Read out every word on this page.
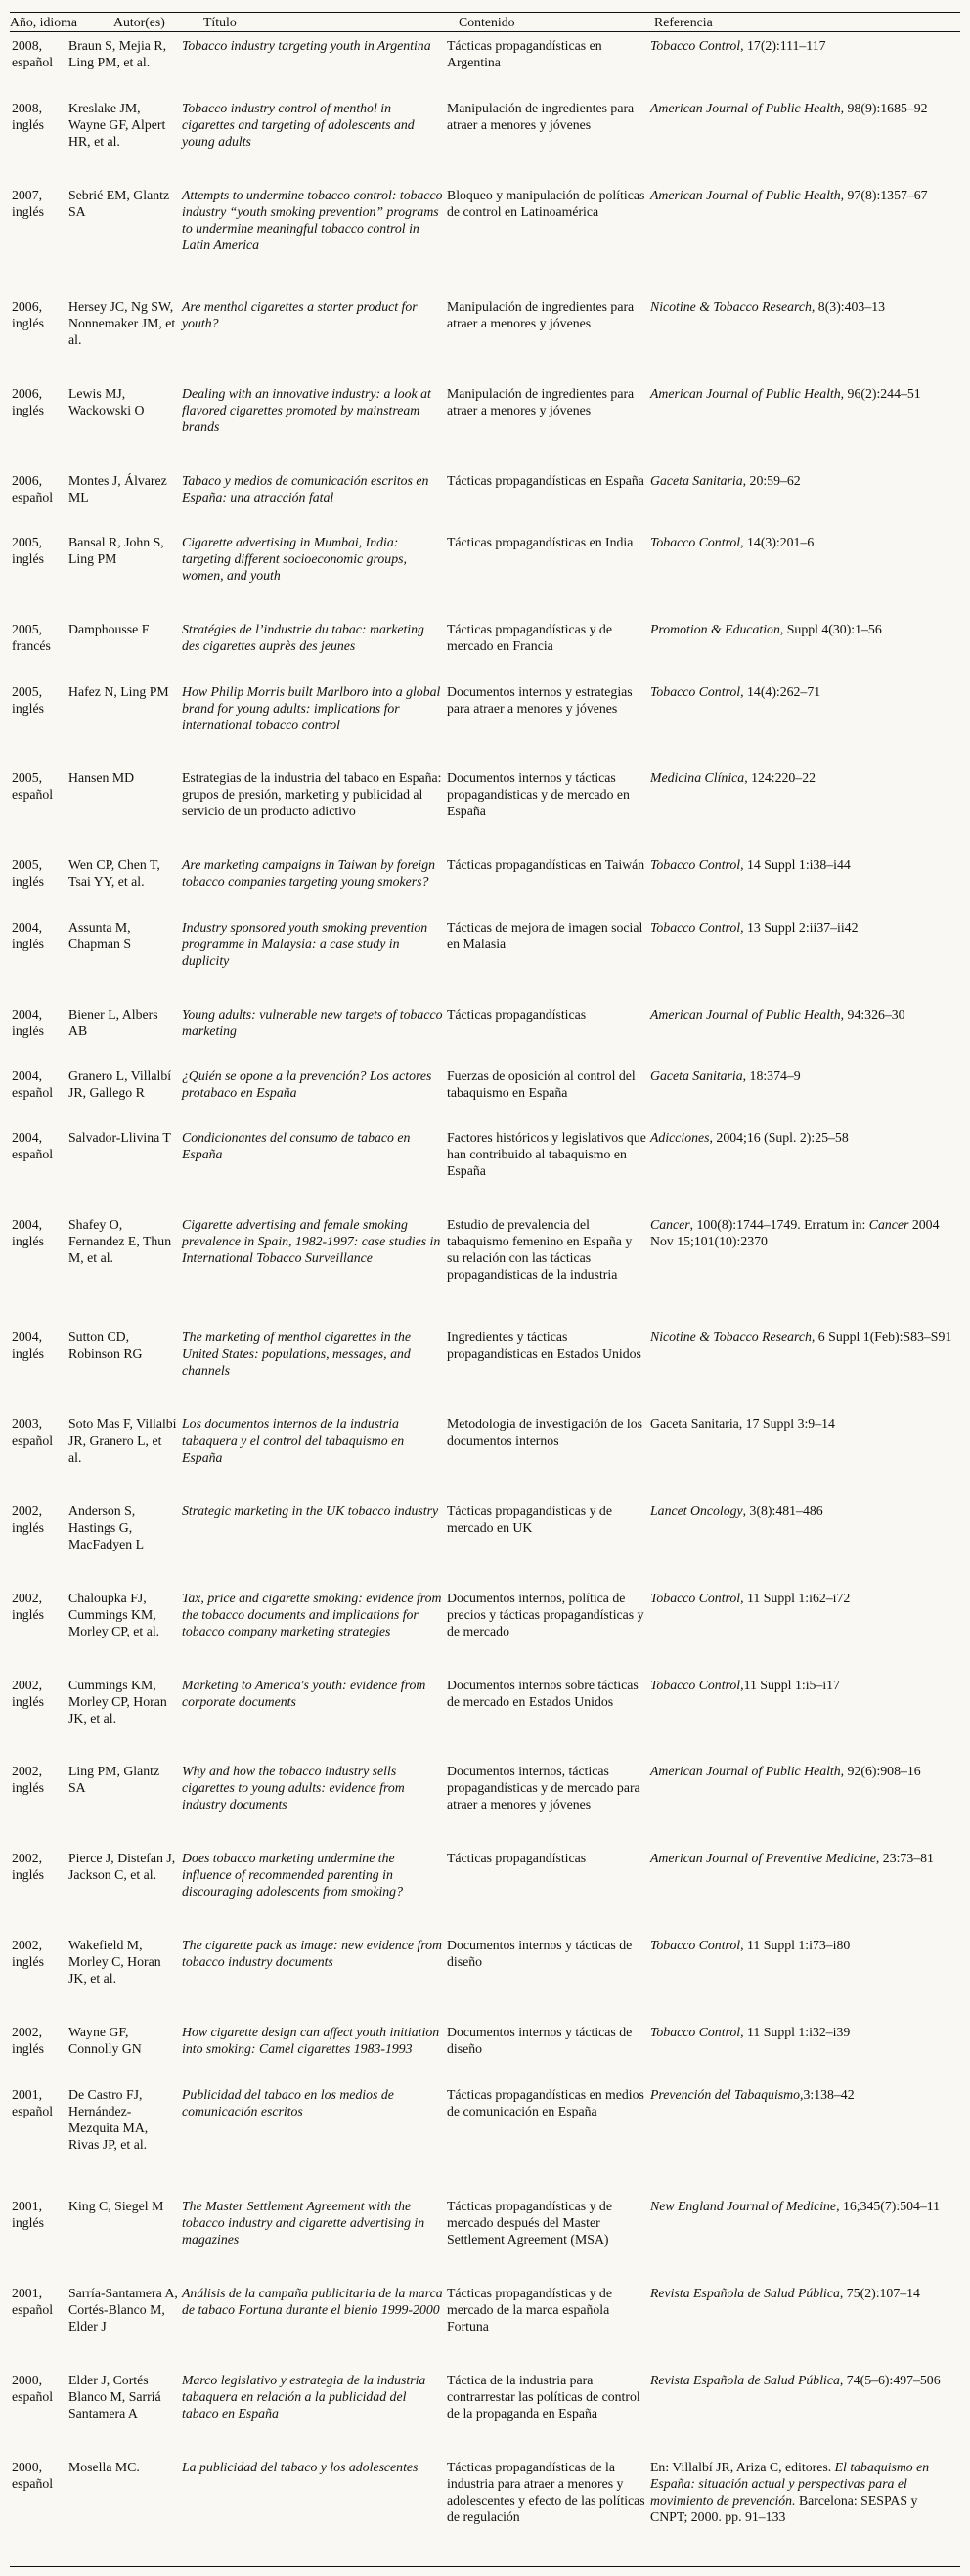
Año, idioma	Autor(es)	Título	Contenido	Referencia
2008, español	Braun S, Mejia R, Ling PM, et al.	Tobacco industry targeting youth in Argentina	Tácticas propagandísticas en Argentina	Tobacco Control, 17(2):111–117
2008, inglés	Kreslake JM, Wayne GF, Alpert HR, et al.	Tobacco industry control of menthol in cigarettes and targeting of adolescents and young adults	Manipulación de ingredientes para atraer a menores y jóvenes	American Journal of Public Health, 98(9):1685–92
2007, inglés	Sebrié EM, Glantz SA	Attempts to undermine tobacco control: tobacco industry “youth smoking prevention” programs to undermine meaningful tobacco control in Latin America	Bloqueo y manipulación de políticas de control en Latinoamérica	American Journal of Public Health, 97(8):1357–67
2006, inglés	Hersey JC, Ng SW, Nonnemaker JM, et al.	Are menthol cigarettes a starter product for youth?	Manipulación de ingredientes para atraer a menores y jóvenes	Nicotine & Tobacco Research, 8(3):403–13
2006, inglés	Lewis MJ, Wackowski O	Dealing with an innovative industry: a look at flavored cigarettes promoted by mainstream brands	Manipulación de ingredientes para atraer a menores y jóvenes	American Journal of Public Health, 96(2):244–51
2006, español	Montes J, Álvarez ML	Tabaco y medios de comunicación escritos en España: una atracción fatal	Tácticas propagandísticas en España	Gaceta Sanitaria, 20:59–62
2005, inglés	Bansal R, John S, Ling PM	Cigarette advertising in Mumbai, India: targeting different socioeconomic groups, women, and youth	Tácticas propagandísticas en India	Tobacco Control, 14(3):201–6
2005, francés	Damphousse F	Stratégies de l’industrie du tabac: marketing des cigarettes auprès des jeunes	Tácticas propagandísticas y de mercado en Francia	Promotion & Education, Suppl 4(30):1–56
2005, inglés	Hafez N, Ling PM	How Philip Morris built Marlboro into a global brand for young adults: implications for international tobacco control	Documentos internos y estrategias para atraer a menores y jóvenes	Tobacco Control, 14(4):262–71
2005, español	Hansen MD	Estrategias de la industria del tabaco en España: grupos de presión, marketing y publicidad al servicio de un producto adictivo	Documentos internos y tácticas propagandísticas y de mercado en España	Medicina Clínica, 124:220–22
2005, inglés	Wen CP, Chen T, Tsai YY, et al.	Are marketing campaigns in Taiwan by foreign tobacco companies targeting young smokers?	Tácticas propagandísticas en Taiwán	Tobacco Control, 14 Suppl 1:i38–i44
2004, inglés	Assunta M, Chapman S	Industry sponsored youth smoking prevention programme in Malaysia: a case study in duplicity	Tácticas de mejora de imagen social en Malasia	Tobacco Control, 13 Suppl 2:ii37–ii42
2004, inglés	Biener L, Albers AB	Young adults: vulnerable new targets of tobacco marketing	Tácticas propagandísticas	American Journal of Public Health, 94:326–30
2004, español	Granero L, Villalbí JR, Gallego R	¿Quién se opone a la prevención? Los actores protabaco en España	Fuerzas de oposición al control del tabaquismo en España	Gaceta Sanitaria, 18:374–9
2004, español	Salvador-Llivina T	Condicionantes del consumo de tabaco en España	Factores históricos y legislativos que han contribuido al tabaquismo en España	Adicciones, 2004;16 (Supl. 2):25–58
2004, inglés	Shafey O, Fernandez E, Thun M, et al.	Cigarette advertising and female smoking prevalence in Spain, 1982-1997: case studies in International Tobacco Surveillance	Estudio de prevalencia del tabaquismo femenino en España y su relación con las tácticas propagandísticas de la industria	Cancer, 100(8):1744–1749. Erratum in: Cancer 2004 Nov 15;101(10):2370
2004, inglés	Sutton CD, Robinson RG	The marketing of menthol cigarettes in the United States: populations, messages, and channels	Ingredientes y tácticas propagandísticas en Estados Unidos	Nicotine & Tobacco Research, 6 Suppl 1(Feb):S83–S91
2003, español	Soto Mas F, Villalbí JR, Granero L, et al.	Los documentos internos de la industria tabaquera y el control del tabaquismo en España	Metodología de investigación de los documentos internos	Gaceta Sanitaria, 17 Suppl 3:9–14
2002, inglés	Anderson S, Hastings G, MacFadyen L	Strategic marketing in the UK tobacco industry	Tácticas propagandísticas y de mercado en UK	Lancet Oncology, 3(8):481–486
2002, inglés	Chaloupka FJ, Cummings KM, Morley CP, et al.	Tax, price and cigarette smoking: evidence from the tobacco documents and implications for tobacco company marketing strategies	Documentos internos, política de precios y tácticas propagandísticas y de mercado	Tobacco Control, 11 Suppl 1:i62–i72
2002, inglés	Cummings KM, Morley CP, Horan JK, et al.	Marketing to America's youth: evidence from corporate documents	Documentos internos sobre tácticas de mercado en Estados Unidos	Tobacco Control,11 Suppl 1:i5–i17
2002, inglés	Ling PM, Glantz SA	Why and how the tobacco industry sells cigarettes to young adults: evidence from industry documents	Documentos internos, tácticas propagandísticas y de mercado para atraer a menores y jóvenes	American Journal of Public Health, 92(6):908–16
2002, inglés	Pierce J, Distefan J, Jackson C, et al.	Does tobacco marketing undermine the influence of recommended parenting in discouraging adolescents from smoking?	Tácticas propagandísticas	American Journal of Preventive Medicine, 23:73–81
2002, inglés	Wakefield M, Morley C, Horan JK, et al.	The cigarette pack as image: new evidence from tobacco industry documents	Documentos internos y tácticas de diseño	Tobacco Control, 11 Suppl 1:i73–i80
2002, inglés	Wayne GF, Connolly GN	How cigarette design can affect youth initiation into smoking: Camel cigarettes 1983-1993	Documentos internos y tácticas de diseño	Tobacco Control, 11 Suppl 1:i32–i39
2001, español	De Castro FJ, Hernández-Mezquita MA, Rivas JP, et al.	Publicidad del tabaco en los medios de comunicación escritos	Tácticas propagandísticas en medios de comunicación en España	Prevención del Tabaquismo,3:138–42
2001, inglés	King C, Siegel M	The Master Settlement Agreement with the tobacco industry and cigarette advertising in magazines	Tácticas propagandísticas y de mercado después del Master Settlement Agreement (MSA)	New England Journal of Medicine, 16;345(7):504–11
2001, español	Sarría-Santamera A, Cortés-Blanco M, Elder J	Análisis de la campaña publicitaria de la marca de tabaco Fortuna durante el bienio 1999-2000	Tácticas propagandísticas y de mercado de la marca española Fortuna	Revista Española de Salud Pública, 75(2):107–14
2000, español	Elder J, Cortés Blanco M, Sarriá Santamera A	Marco legislativo y estrategia de la industria tabaquera en relación a la publicidad del tabaco en España	Táctica de la industria para contrarrestar las políticas de control de la propaganda en España	Revista Española de Salud Pública, 74(5–6):497–506
2000, español	Mosella MC.	La publicidad del tabaco y los adolescentes	Tácticas propagandísticas de la industria para atraer a menores y adolescentes y efecto de las políticas de regulación	En: Villalbí JR, Ariza C, editores. El tabaquismo en España: situación actual y perspectivas para el movimiento de prevención. Barcelona: SESPAS y CNPT; 2000. pp. 91–133
